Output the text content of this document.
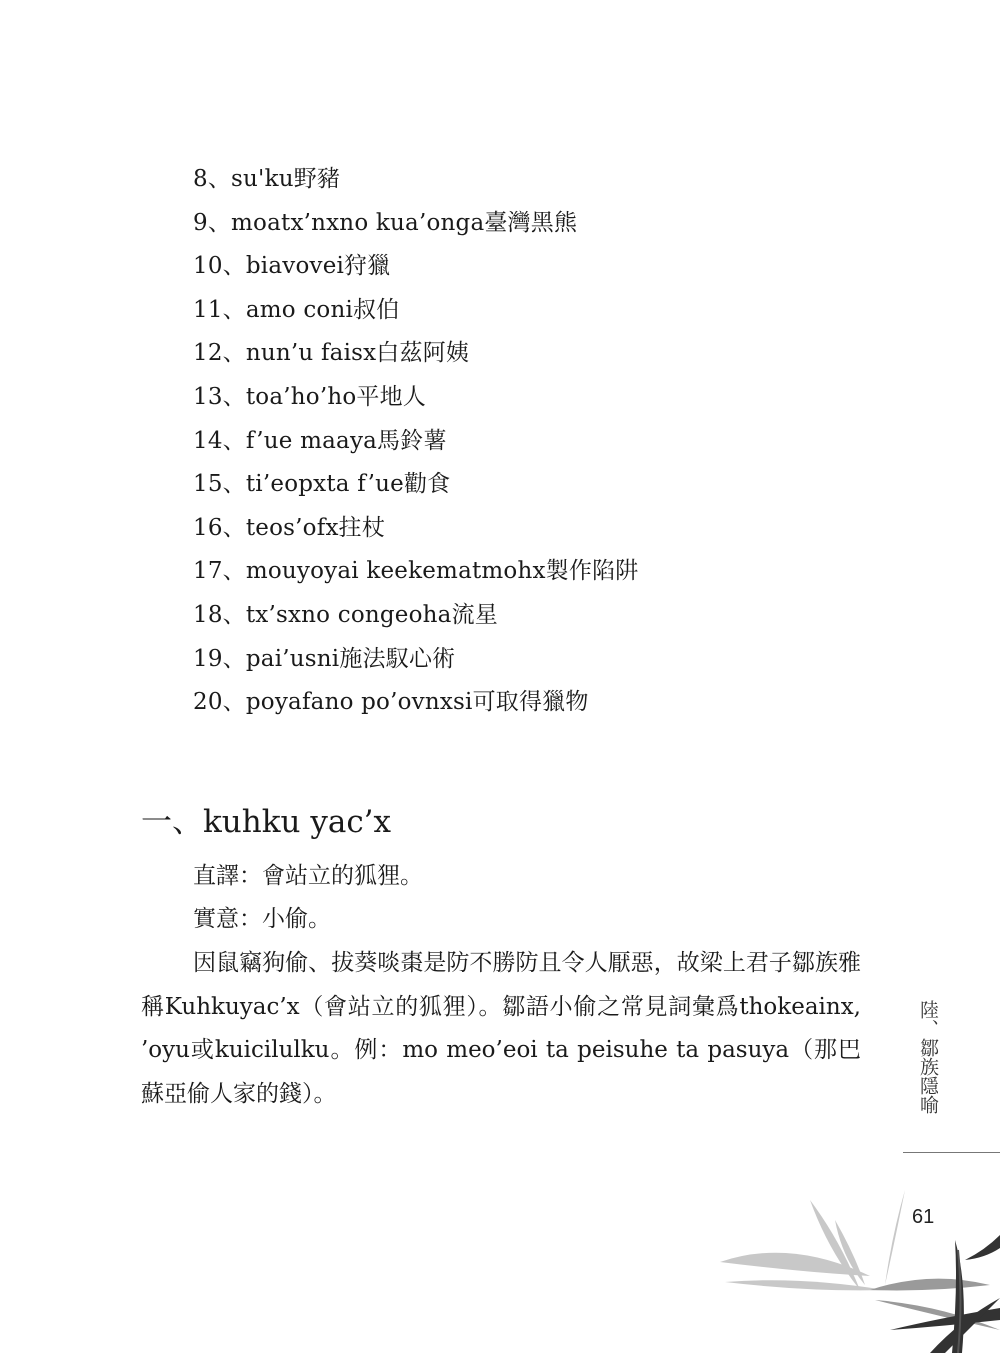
8、su'ku野豬
9、moatx’nxno kua’onga臺灣黑熊
10、biavovei狩獵
11、amo coni叔伯
12、nun’u faisx白茲阿姨
13、toa’ho’ho平地人
14、f’ue maaya馬鈴薯
15、ti’eopxta f’ue勸食
16、teos’ofx拄杖
17、mouyoyai keekematmohx製作陷阱
18、tx’sxno congeoha流星
19、pai’usni施法馭心術
20、poyafano po’ovnxsi可取得獵物
一、kuhku yac’x

直譯：會站立的狐狸。

實意：小偷。

因鼠竊狗偷、拔葵啖棗是防不勝防且令人厭惡，故梁上君子鄒族雅稱Kuhkuyac’x（會站立的狐狸）。鄒語小偷之常見詞彙爲thokeainx, ’oyu或kuicilulku。例：mo meo’eoi ta peisuhe ta pasuya（那巴蘇亞偷人家的錢）。	陸、鄒族隱喻
61
